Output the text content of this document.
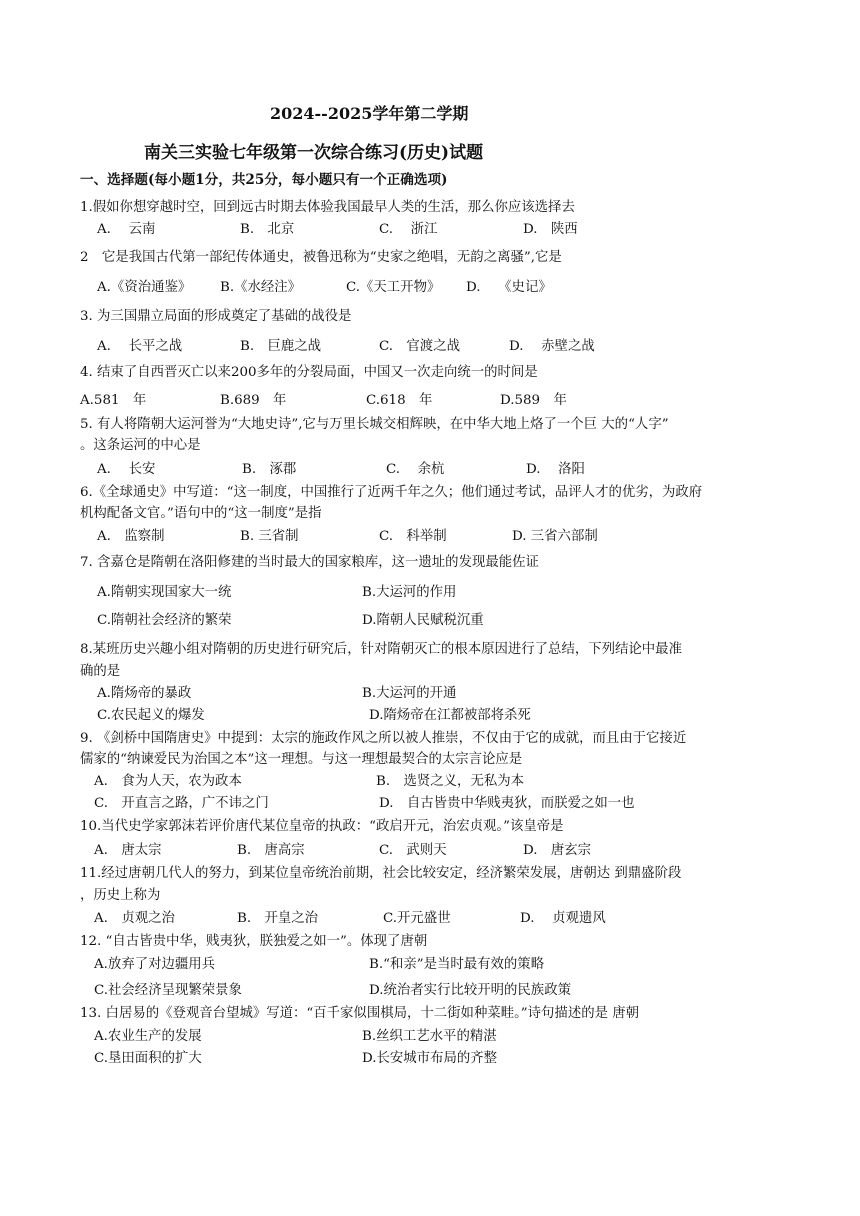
2024--2025学年第二学期
南关三实验七年级第一次综合练习(历史)试题
一、选择题(每小题1分，共25分，每小题只有一个正确选项)
1.假如你想穿越时空，回到远古时期去体验我国最早人类的生活，那么你应该选择去
A.　 云南	B.　北京	C.　 浙江	D.　陕西
2　它是我国古代第一部纪传体通史，被鲁迅称为“史家之绝唱，无韵之离骚”,它是
A.《资治通鉴》 B.《水经注》	C.《天工开物》 D.　 《史记》
3. 为三国鼎立局面的形成奠定了基础的战役是
A.　 长平之战	B.　巨鹿之战	C.　官渡之战	D.　 赤壁之战
4. 结束了自西晋灭亡以来200多年的分裂局面，中国又一次走向统一的时间是
A.581　年	B.689　年	C.618　年	D.589　年
5. 有人将隋朝大运河誉为“大地史诗”,它与万里长城交相辉映，在中华大地上烙了一个巨 大的“人字”
。这条运河的中心是
A.　 长安	B.　涿郡	C.　 余杭	D.　 洛阳
6.《全球通史》中写道：“这一制度，中国推行了近两千年之久；他们通过考试，品评人才的优劣，为政府
机构配备文官。”语句中的“这一制度”是指
A.　监察制	B. 三省制	C.　科举制	D. 三省六部制
7. 含嘉仓是隋朝在洛阳修建的当时最大的国家粮库，这一遗址的发现最能佐证
A.隋朝实现国家大一统	B.大运河的作用
C.隋朝社会经济的繁荣	D.隋朝人民赋税沉重
8.某班历史兴趣小组对隋朝的历史进行研究后，针对隋朝灭亡的根本原因进行了总结，下列结论中最准
确的是
A.隋炀帝的暴政	B.大运河的开通
C.农民起义的爆发	D.隋炀帝在江都被部将杀死
9. 《剑桥中国隋唐史》中提到：太宗的施政作风之所以被人推崇，不仅由于它的成就，而且由于它接近
儒家的“纳谏爱民为治国之本”这一理想。与这一理想最契合的太宗言论应是
A.　食为人天，农为政本	B.　选贤之义，无私为本
C.　开直言之路，广不讳之门	D.　自古皆贵中华贱夷狄，而朕爱之如一也
10.当代史学家郭沫若评价唐代某位皇帝的执政：“政启开元，治宏贞观。”该皇帝是
A.　唐太宗	B.　唐高宗	C.　武则天	D.　唐玄宗
11.经过唐朝几代人的努力，到某位皇帝统治前期，社会比较安定，经济繁荣发展，唐朝达 到鼎盛阶段
，历史上称为
A.　贞观之治	B.　开皇之治	C.开元盛世	D.　 贞观遗风
12. “自古皆贵中华，贱夷狄，朕独爱之如一”。体现了唐朝
A.放弃了对边疆用兵	B.“和亲”是当时最有效的策略
C.社会经济呈现繁荣景象	D.统治者实行比较开明的民族政策
13. 白居易的《登观音台望城》写道：“百千家似围棋局，十二街如种菜畦。”诗句描述的是 唐朝
A.农业生产的发展	B.丝织工艺水平的精湛
C.垦田面积的扩大	D.长安城市布局的齐整
